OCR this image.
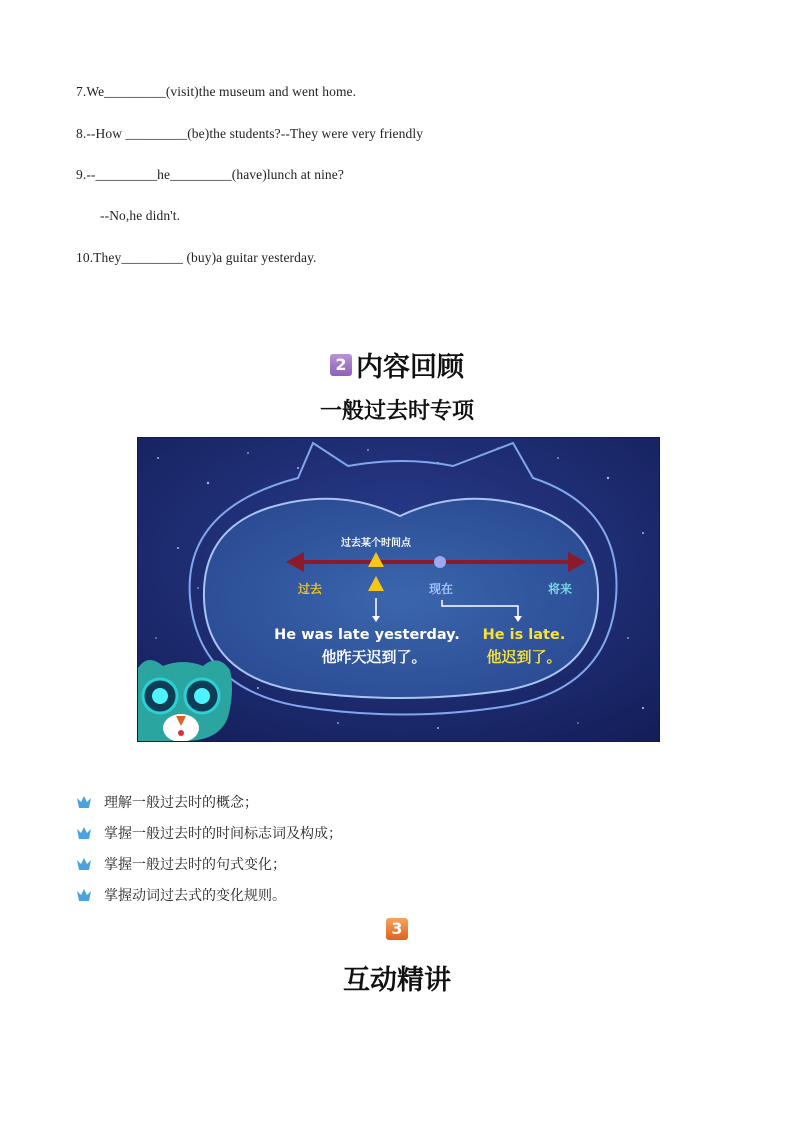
7.We_________(visit)the museum and went home.
8.--How _________(be)the students?--They were very friendly
9.--_________he_________(have)lunch at nine?
--No,he didn't.
10.They_________ (buy)a guitar yesterday.
2 内容回顾
一般过去时专项
过去某个时间点
过去	现在	将来
He was late yesterday.
他昨天迟到了。
He is late.
他迟到了。
理解一般过去时的概念；
掌握一般过去时的时间标志词及构成；
掌握一般过去时的句式变化；
掌握动词过去式的变化规则。
3
互动精讲
